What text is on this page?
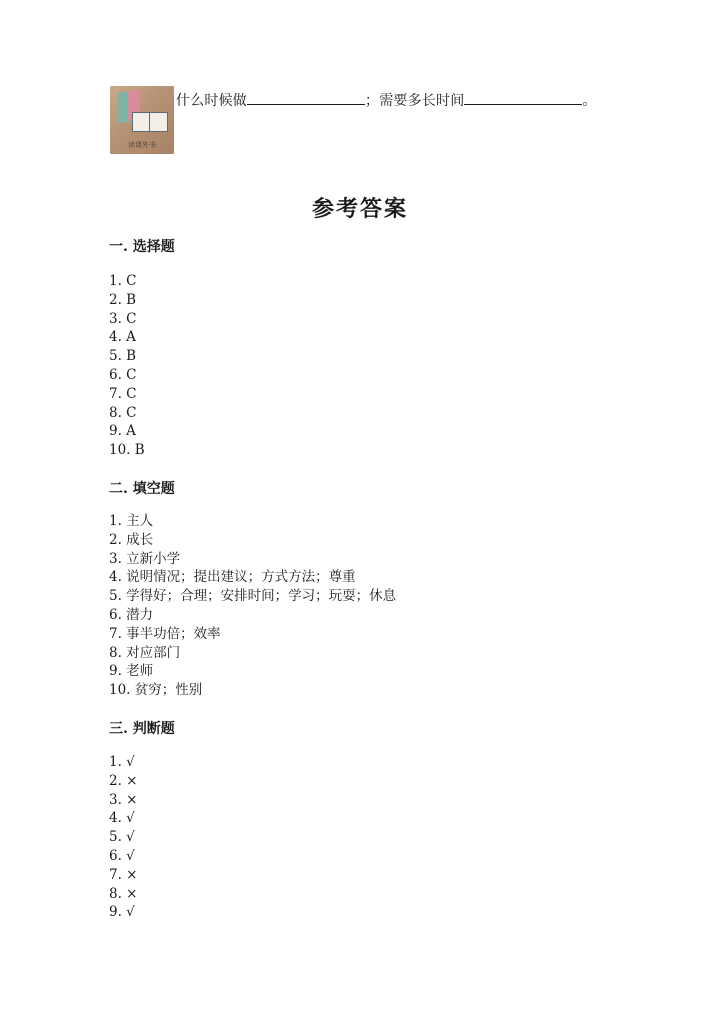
读课外书
什么时候做	；需要多长时间	。
参考答案
一. 选择题
1. C
2. B
3. C
4. A
5. B
6. C
7. C
8. C
9. A
10. B
二. 填空题
1. 主人
2. 成长
3. 立新小学
4. 说明情况；提出建议；方式方法；尊重
5. 学得好；合理；安排时间；学习；玩耍；休息
6. 潜力
7. 事半功倍；效率
8. 对应部门
9. 老师
10. 贫穷；性别
三. 判断题
1. √
2. ×
3. ×
4. √
5. √
6. √
7. ×
8. ×
9. √
